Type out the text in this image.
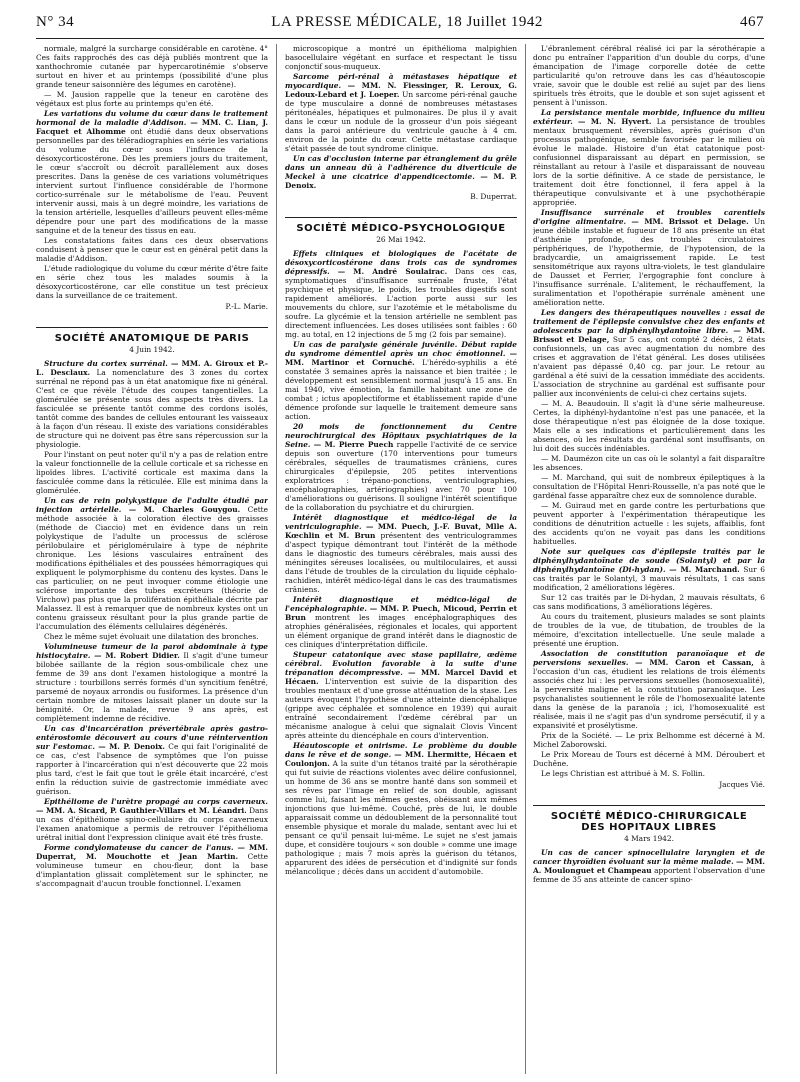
N° 34	LA PRESSE MÉDICALE, 18 Juillet 1942	467

normale, malgré la surcharge considérable en carotène. 4° Ces faits rapprochés des cas déjà publiés montrent que la xanthochromie cutanée par hypercarotinémie s'observe surtout en hiver et au printemps (possibilité d'une plus grande teneur saisonnière des légumes en carotène).

— M. Jausion rappelle que la teneur en carotène des végétaux est plus forte au printemps qu'en été.

Les variations du volume du cœur dans le traitement hormonal de la maladie d'Addison. — MM. C. Lian, J. Facquet et Alhomme ont étudié dans deux observations personnelles par des téléradiographies en série les variations du volume du cœur sous l'influence de la désoxycorticostérone. Dès les premiers jours du traitement, le cœur s'accroît ou décroît parallèlement aux doses prescrites. Dans la genèse de ces variations volumétriques intervient surtout l'influence considérable de l'hormone cortico-surrénale sur le métabolisme de l'eau. Peuvent intervenir aussi, mais à un degré moindre, les variations de la tension artérielle, lesquelles d'ailleurs peuvent elles-même dépendre pour une part des modifications de la masse sanguine et de la teneur des tissus en eau.

Les constatations faites dans ces deux observations conduisent à penser que le cœur est en général petit dans la maladie d'Addison.

L'étude radiologique du volume du cœur mérite d'être faite en série chez tous les malades soumis à la désoxycorticostérone, car elle constitue un test précieux dans la surveillance de ce traitement.

P.-L. Marie.
SOCIÉTÉ ANATOMIQUE DE PARIS
4 Juin 1942.

Structure du cortex surrénal. — MM. A. Giroux et P.-L. Desclaux. La nomenclature des 3 zones du cortex surrénal ne répond pas à un état anatomique fixe ni général. C'est ce que révèle l'étude des coupes tangentielles. La glomérulée se présente sous des aspects très divers. La fasciculée se présente tantôt comme des cordons isolés, tantôt comme des bandes de cellules entourant les vaisseaux à la façon d'un réseau. Il existe des variations considérables de structure qui ne doivent pas être sans répercussion sur la physiologie.

Pour l'instant on peut noter qu'il n'y a pas de relation entre la valeur fonctionnelle de la cellule corticale et sa richesse en lipoïdes libres. L'activité corticale est maxima dans la fasciculée comme dans la réticulée. Elle est minima dans la glomérulée.

Un cas de rein polykystique de l'adulte étudié par injection artérielle. — M. Charles Gouygou. Cette méthode associée à la coloration élective des graisses (méthode de Ciaccio) met en évidence dans un rein polykystique de l'adulte un processus de sclérose périlobulaire et périglomérulaire à type de néphrite chronique. Les lésions vasculaires entraînent des modifications épithéliales et des poussées hémorragiques qui expliquent le polymorphisme du contenu des kystes. Dans le cas particulier, on ne peut invoquer comme étiologie une sclérose importante des tubes excréteurs (théorie de Virchow) pas plus que la prolifération épithéliale décrite par Malassez. Il est à remarquer que de nombreux kystes ont un contenu graisseux résultant pour la plus grande partie de l'accumulation des éléments cellulaires dégénérés.

Chez le même sujet évoluait une dilatation des bronches.

Volumineuse tumeur de la paroi abdominale à type histiocytaire. — M. Robert Didier. Il s'agit d'une tumeur bilobée saillante de la région sous-ombilicale chez une femme de 39 ans dont l'examen histologique a montré la structure : tourbillons serrés formés d'un syncitium fenêtré, parsemé de noyaux arrondis ou fusiformes. La présence d'un certain nombre de mitoses laissait planer un doute sur la bénignité. Or, la malade, revue 9 ans après, est complètement indemne de récidive.

Un cas d'incarcération prévertébrale après gastro-entérostomie découvert au cours d'une réintervention sur l'estomac. — M. P. Denoix. Ce qui fait l'originalité de ce cas, c'est l'absence de symptômes que l'on puisse rapporter à l'incarcération qui n'est découverte que 22 mois plus tard, c'est le fait que tout le grêle était incarcéré, c'est enfin la réduction suivie de gastrectomie immédiate avec guérison.

Epithéliome de l'urètre propagé au corps caverneux. — MM. A. Sicard, P. Gauthier-Villars et M. Léandri. Dans un cas d'épithéliome spino-cellulaire du corps caverneux l'examen anatomique a permis de retrouver l'épithélioma urétral initial dont l'expression clinique avait été très fruste.

Forme condylomateuse du cancer de l'anus. — MM. Duperrat, M. Mouchotte et Jean Martin. Cette volumineuse tumeur en chou-fleur, dont la base d'implantation glissait complètement sur le sphincter, ne s'accompagnait d'aucun trouble fonctionnel. L'examen

microscopique a montré un épithélioma malpighien basocellulaire végétant en surface et respectant le tissu conjonctif sous-muqueux.

Sarcome péri-rénal à métastases hépatique et myocardique. — MM. N. Fiessinger, R. Leroux, G. Ledoux-Lebard et J. Loeper. Un sarcome péri-rénal gauche de type musculaire a donné de nombreuses métastases péritonéales, hépatiques et pulmonaires. De plus il y avait dans le cœur un nodule de la grosseur d'un pois siégeant dans la paroi antérieure du ventricule gauche à 4 cm. environ de la pointe du cœur. Cette métastase cardiaque s'était passée de tout syndrome clinique.

Un cas d'occlusion interne par étranglement du grêle dans un anneau dû à l'adhérence du diverticule de Meckel à une cicatrice d'appendicectomie. — M. P. Denoix.

B. Duperrat.
SOCIÉTÉ MÉDICO-PSYCHOLOGIQUE
26 Mai 1942.

Effets cliniques et biologiques de l'acétate de désoxycorticostérone dans trois cas de syndromes dépressifs. — M. André Soulairac. Dans ces cas, symptomatiques d'insuffisance surrénale fruste, l'état psychique et physique, le poids, les troubles digestifs sont rapidement améliorés. L'action porte aussi sur les mouvements du chlore, sur l'azotémie et le métabolisme du soufre. La glycémie et la tension artérielle ne semblent pas directement influencées. Les doses utilisées sont faibles : 60 mg. au total, en 12 injections de 5 mg (2 fois par semaine).

Un cas de paralysie générale juvénile. Début rapide du syndrome démentiel après un choc émotionnel. — MM. Martinor et Cornuché. L'hérédo-syphilis a été constatée 3 semaines après la naissance et bien traitée ; le développement est sensiblement normal jusqu'à 15 ans. En mai 1940, vive émotion, la famille habitant une zone de combat ; ictus apoplectiforme et établissement rapide d'une démence profonde sur laquelle le traitement demeure sans action.

20 mois de fonctionnement du Centre neurochirurgical des Hôpitaux psychiatriques de la Seine. — M. Pierre Puech rappelle l'activité de ce service depuis son ouverture (170 interventions pour tumeurs cérébrales, séquelles de traumatismes crâniens, cures chirurgicales d'épilepsie, 205 petites interventions exploratrices : trépano-ponctions, ventriculographies, encéphalographies, artériographies) avec 70 pour 100 d'améliorations ou guérisons. Il souligne l'intérêt scientifique de la collaboration du psychiatre et du chirurgien.

Intérêt diagnostique et médico-légal de la ventriculographie. — MM. Puech, J.-F. Buvat, Mlle A. Kœchlin et M. Brun présentent des ventriculogrammes d'aspect typique démontrant tout l'intérêt de la méthode dans le diagnostic des tumeurs cérébrales, mais aussi des méningites séreuses localisées, ou multiloculaires, et aussi dans l'étude de troubles de la circulation du liquide céphalo-rachidien, intérêt médico-légal dans le cas des traumatismes crâniens.

Intérêt diagnostique et médico-légal de l'encéphalographie. — MM. P. Puech, Micoud, Perrin et Brun montrent les images encéphalographiques des atrophies généralisées, régionales et locales, qui apportent un élément organique de grand intérêt dans le diagnostic de ces cliniques d'interprétation difficile.

Stupeur catatonique avec stase papillaire, œdème cérébral. Evolution favorable à la suite d'une trépanation décompressive. — MM. Marcel David et Hécaen. L'intervention est suivie de la disparition des troubles mentaux et d'une grosse atténuation de la stase. Les auteurs évoquent l'hypothèse d'une atteinte diencéphalique (grippe avec céphalée et somnolence en 1939) qui aurait entraîné secondairement l'œdème cérébral par un mécanisme analogue à celui que signalait Clovis Vincent après atteinte du diencéphale en cours d'intervention.

Héautoscopie et onirisme. Le problème du double dans le rêve et de songe. — MM. Lhermitte, Hécaen et Coulonjon. A la suite d'un tétanos traité par la sérothérapie qui fut suivie de réactions violentes avec délire confusionnel, un homme de 36 ans se montre hanté dans son sommeil et ses rêves par l'image en relief de son double, agissant comme lui, faisant les mêmes gestes, obéissant aux mêmes injonctions que lui-même. Couché, près de lui, le double apparaissait comme un dédoublement de la personnalité tout ensemble physique et morale du malade, sentant avec lui et pensant ce qu'il pensait lui-même. Le sujet ne s'est jamais dupe, et considère toujours « son double » comme une image pathologique ; mais 7 mois après la guérison du tétanos, apparurent des idées de persécution et d'indignité sur fonds mélancolique ; décès dans un accident d'automobile.

L'ébranlement cérébral réalisé ici par la sérothérapie a donc pu entraîner l'apparition d'un double du corps, d'une émancipation de l'image corporelle dotée de cette particularité qu'on retrouve dans les cas d'héautoscopie vraie, savoir que le double est relié au sujet par des liens spirituels très étroits, que le double et son sujet agissent et pensent à l'unisson.

La persistance mentale morbide, influence du milieu extérieur. — M. N. Hyvert. La persistance de troubles mentaux brusquement réversibles, après guérison d'un processus pathogénique, semble favorisée par le milieu où évolue le malade. Histoire d'un état catatonique post-confusionnel disparaissant au départ en permission, se réinstallant au retour à l'asile et disparaissant de nouveau lors de la sortie définitive. A ce stade de persistance, le traitement doit être fonctionnel, il fera appel à la thérapeutique convulsivante et à une psychothérapie appropriée.

Insuffisance surrénale et troubles carentiels d'origine alimentaire. — MM. Brissot et Delage. Un jeune débile instable et fugueur de 18 ans présente un état d'asthénie profonde, des troubles circulatoires périphériques, de l'hypothermie, de l'hypotension, de la bradycardie, un amaigrissement rapide. Le test sensitométrique aux rayons ultra-violets, le test glandulaire de Dausset et Ferrier, l'ergographie font conclure à l'insuffisance surrénale. L'alitement, le réchauffement, la suralimentation et l'opothérapie surrénale amènent une amélioration nette.

Les dangers des thérapeutiques nouvelles : essai de traitement de l'épilepsie convulsive chez des enfants et adolescents par la diphénylhydantoïne libre. — MM. Brissot et Delage, Sur 5 cas, ont compté 2 décès, 2 états confusionnels, un cas avec augmentation du nombre des crises et aggravation de l'état général. Les doses utilisées n'avaient pas dépassé 0,40 cg. par jour. Le retour au gardénal a été suivi de la cessation immédiate des accidents. L'association de strychnine au gardénal est suffisante pour pallier aux inconvénients de celui-ci chez certains sujets.

— M. A. Beaudouin. Il s'agit là d'une série malheureuse. Certes, la diphényl-hydantoïne n'est pas une panacée, et la dose thérapeutique n'est pas éloignée de la dose toxique. Mais elle a ses indications et particulièrement dans les absences, où les résultats du gardénal sont insuffisants, on lui doit des succès indéniables.

— M. Daumézon cite un cas où le solantyl a fait disparaître les absences.

— M. Marchand, qui suit de nombreux épileptiques à la consultation de l'Hôpital Henri-Rousselle, n'a pas noté que le gardénal fasse apparaître chez eux de somnolence durable.

— M. Guiraud met en garde contre les perturbations que peuvent apporter à l'expérimentation thérapeutique les conditions de dénutrition actuelle : les sujets, affaiblis, font des accidents qu'on ne voyait pas dans les conditions habituelles.

Note sur quelques cas d'épilepsie traités par le diphénylhydantoïnate de soude (Solantyl) et par la diphénylhydantoïne (Di-hydan). — M. Marchand. Sur 6 cas traités par le Solantyl, 3 mauvais résultats, 1 cas sans modification, 2 améliorations légères.

Sur 12 cas traités par le Di-hydan, 2 mauvais résultats, 6 cas sans modifications, 3 améliorations légères.

Au cours du traitement, plusieurs malades se sont plaints de troubles de la vue, de titubation, de troubles de la mémoire, d'excitation intellectuelle. Une seule malade a présenté une éruption.

Association de constitution paranoïaque et de perversions sexuelles. — MM. Caron et Cassan, à l'occasion d'un cas, étudient les relations de trois éléments associés chez lui : les perversions sexuelles (homosexualité), la perversité maligne et la constitution paranoïaque. Les psychanalistes soutiennent le rôle de l'homosexualité latente dans la genèse de la paranoïa ; ici, l'homosexualité est réalisée, mais il ne s'agit pas d'un syndrome persécutif, il y a expansivité et prosélytisme.

Prix de la Société. — Le prix Belhomme est décerné à M. Michel Zaborowski.

Le Prix Moreau de Tours est décerné à MM. Déroubert et Duchêne.

Le legs Christian est attribué à M. S. Follin.

Jacques Vié.
SOCIÉTÉ MÉDICO-CHIRURGICALE
DES HOPITAUX LIBRES
4 Mars 1942.

Un cas de cancer spinocellulaire laryngien et de cancer thyroïdien évoluant sur la même malade. — MM. A. Moulonguet et Champeau apportent l'observation d'une femme de 35 ans atteinte de cancer spino-
